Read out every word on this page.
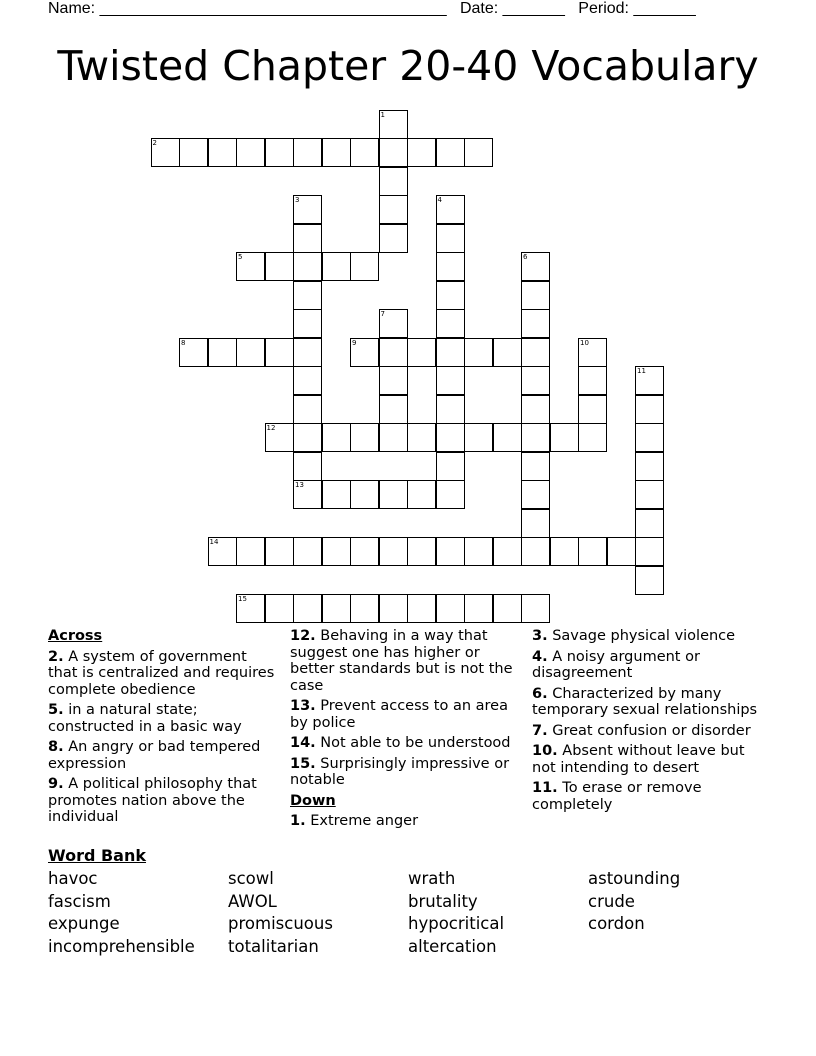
Name: _______________________________________ Date: _______ Period: _______
Twisted Chapter 20-40 Vocabulary
1
2
3	4
5	6
7
8	9	10
11
12
13
14
15
Across
2. A system of government that is centralized and requires complete obedience
5. in a natural state; constructed in a basic way
8. An angry or bad tempered expression
9. A political philosophy that promotes nation above the individual
12. Behaving in a way that suggest one has higher or better standards but is not the case
13. Prevent access to an area by police
14. Not able to be understood
15. Surprisingly impressive or notable
Down
1. Extreme anger
3. Savage physical violence
4. A noisy argument or disagreement
6. Characterized by many temporary sexual relationships
7. Great confusion or disorder
10. Absent without leave but not intending to desert
11. To erase or remove completely
Word Bank
havoc
fascism
expunge
incomprehensible
scowl
AWOL
promiscuous
totalitarian
wrath
brutality
hypocritical
altercation
astounding
crude
cordon
